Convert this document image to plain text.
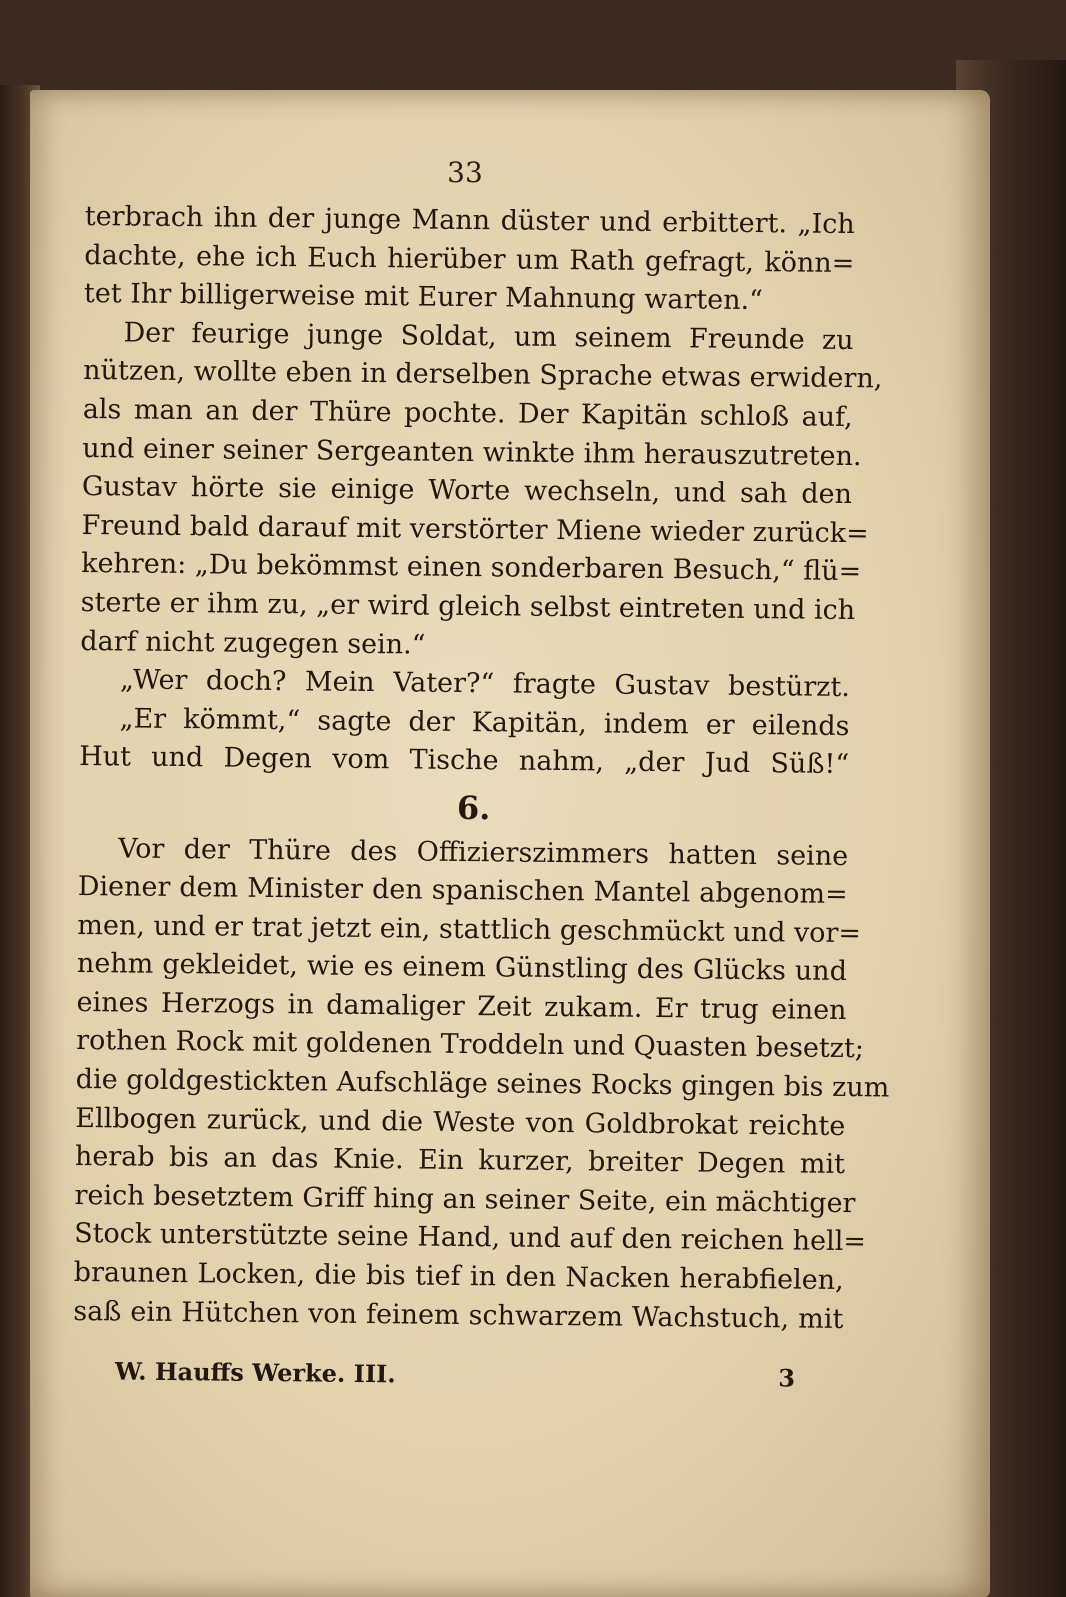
33
terbrach ihn der junge Mann düster und erbittert. „Ich
dachte, ehe ich Euch hierüber um Rath gefragt, könn=
tet Ihr billigerweise mit Eurer Mahnung warten.“
Der feurige junge Soldat, um seinem Freunde zu
nützen, wollte eben in derselben Sprache etwas erwidern,
als man an der Thüre pochte. Der Kapitän schloß auf,
und einer seiner Sergeanten winkte ihm herauszutreten.
Gustav hörte sie einige Worte wechseln, und sah den
Freund bald darauf mit verstörter Miene wieder zurück=
kehren: „Du bekömmst einen sonderbaren Besuch,“ flü=
sterte er ihm zu, „er wird gleich selbst eintreten und ich
darf nicht zugegen sein.“
„Wer doch? Mein Vater?“ fragte Gustav bestürzt.
„Er kömmt,“ sagte der Kapitän, indem er eilends
Hut und Degen vom Tische nahm, „der Jud Süß!“
6.
Vor der Thüre des Offizierszimmers hatten seine
Diener dem Minister den spanischen Mantel abgenom=
men, und er trat jetzt ein, stattlich geschmückt und vor=
nehm gekleidet, wie es einem Günstling des Glücks und
eines Herzogs in damaliger Zeit zukam. Er trug einen
rothen Rock mit goldenen Troddeln und Quasten besetzt;
die goldgestickten Aufschläge seines Rocks gingen bis zum
Ellbogen zurück, und die Weste von Goldbrokat reichte
herab bis an das Knie. Ein kurzer, breiter Degen mit
reich besetztem Griff hing an seiner Seite, ein mächtiger
Stock unterstützte seine Hand, und auf den reichen hell=
braunen Locken, die bis tief in den Nacken herabfielen,
saß ein Hütchen von feinem schwarzem Wachstuch, mit
W. Hauffs Werke. III.	3
